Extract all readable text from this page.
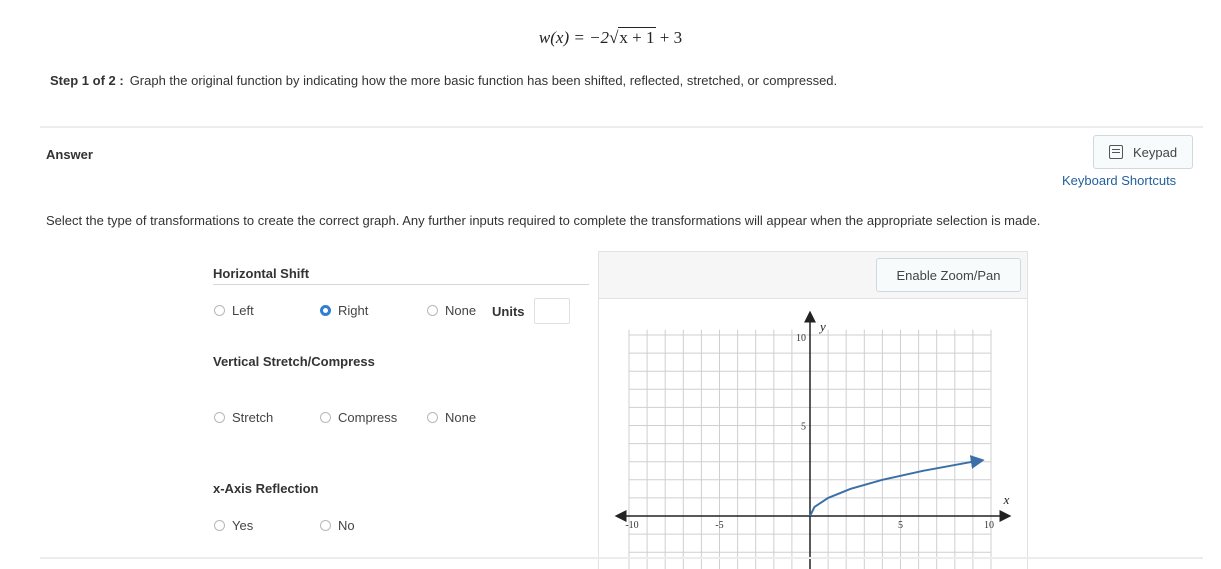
w(x) = −2√x + 1 + 3
Step 1 of 2 : Graph the original function by indicating how the more basic function has been shifted, reflected, stretched, or compressed.
Answer	Keypad
Keyboard Shortcuts
Select the type of transformations to create the correct graph. Any further inputs required to complete the transformations will appear when the appropriate selection is made.
Horizontal Shift
Left	Right	None Units
Vertical Stretch/Compress
Stretch	Compress	None
x-Axis Reflection
Yes	No
Enable Zoom/Pan
x
y
-10	-5	5	10
5
10
